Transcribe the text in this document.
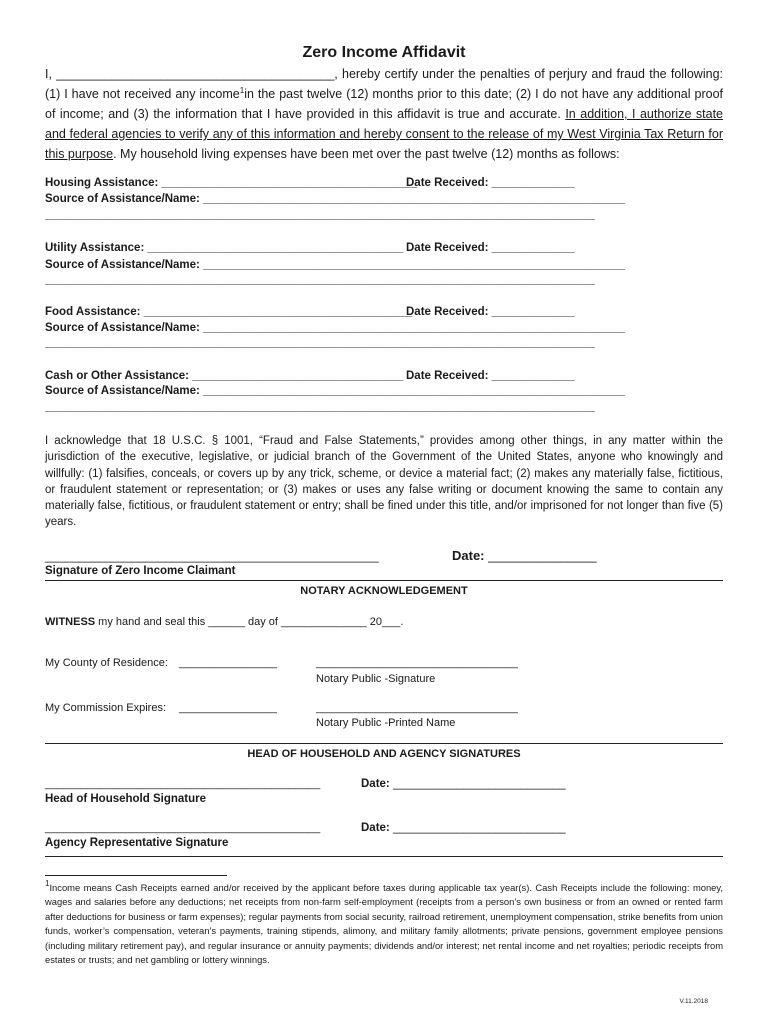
Zero Income Affidavit
I, ________________________________________, hereby certify under the penalties of perjury and fraud the following: (1) I have not received any income$^1$in the past twelve (12) months prior to this date; (2) I do not have any additional proof of income; and (3) the information that I have provided in this affidavit is true and accurate. In addition, I authorize state and federal agencies to verify any of this information and hereby consent to the release of my West Virginia Tax Return for this purpose. My household living expenses have been met over the past twelve (12) months as follows:
Housing Assistance: ________________________________________
Date Received: _____________
Source of Assistance/Name: __________________________________________________________________
______________________________________________________________________________________
Utility Assistance: ________________________________________ Date Received: _____________
Source of Assistance/Name: __________________________________________________________________
______________________________________________________________________________________
Food Assistance: __________________________________________
Date Received: _____________
Source of Assistance/Name: __________________________________________________________________
______________________________________________________________________________________
Cash or Other Assistance: _________________________________ Date Received: _____________
Source of Assistance/Name: __________________________________________________________________
______________________________________________________________________________________
I acknowledge that 18 U.S.C. § 1001, “Fraud and False Statements,” provides among other things, in any matter within the jurisdiction of the executive, legislative, or judicial branch of the Government of the United States, anyone who knowingly and willfully: (1) falsifies, conceals, or covers up by any trick, scheme, or device a material fact; (2) makes any materially false, fictitious, or fraudulent statement or representation; or (3) makes or uses any false writing or document knowing the same to contain any materially false, fictitious, or fraudulent statement or entry; shall be fined under this title, and/or imprisoned for not longer than five (5) years.
__________________________________________________
Signature of Zero Income Claimant
Date: _______________
NOTARY ACKNOWLEDGEMENT
WITNESS my hand and seal this ______ day of ______________ 20___.
My County of Residence: ________________	_________________________________
Notary Public -Signature
My Commission Expires: ________________	_________________________________
Notary Public -Printed Name
HEAD OF HOUSEHOLD AND AGENCY SIGNATURES
_____________________________________________
Head of Household Signature
Date: ___________________________
_____________________________________________
Agency Representative Signature
Date: ___________________________
$^1$Income means Cash Receipts earned and/or received by the applicant before taxes during applicable tax year(s). Cash Receipts include the following: money, wages and salaries before any deductions; net receipts from non-farm self-employment (receipts from a person’s own business or from an owned or rented farm after deductions for business or farm expenses); regular payments from social security, railroad retirement, unemployment compensation, strike benefits from union funds, worker’s compensation, veteran’s payments, training stipends, alimony, and military family allotments; private pensions, government employee pensions (including military retirement pay), and regular insurance or annuity payments; dividends and/or interest; net rental income and net royalties; periodic receipts from estates or trusts; and net gambling or lottery winnings.
V.11.2018
